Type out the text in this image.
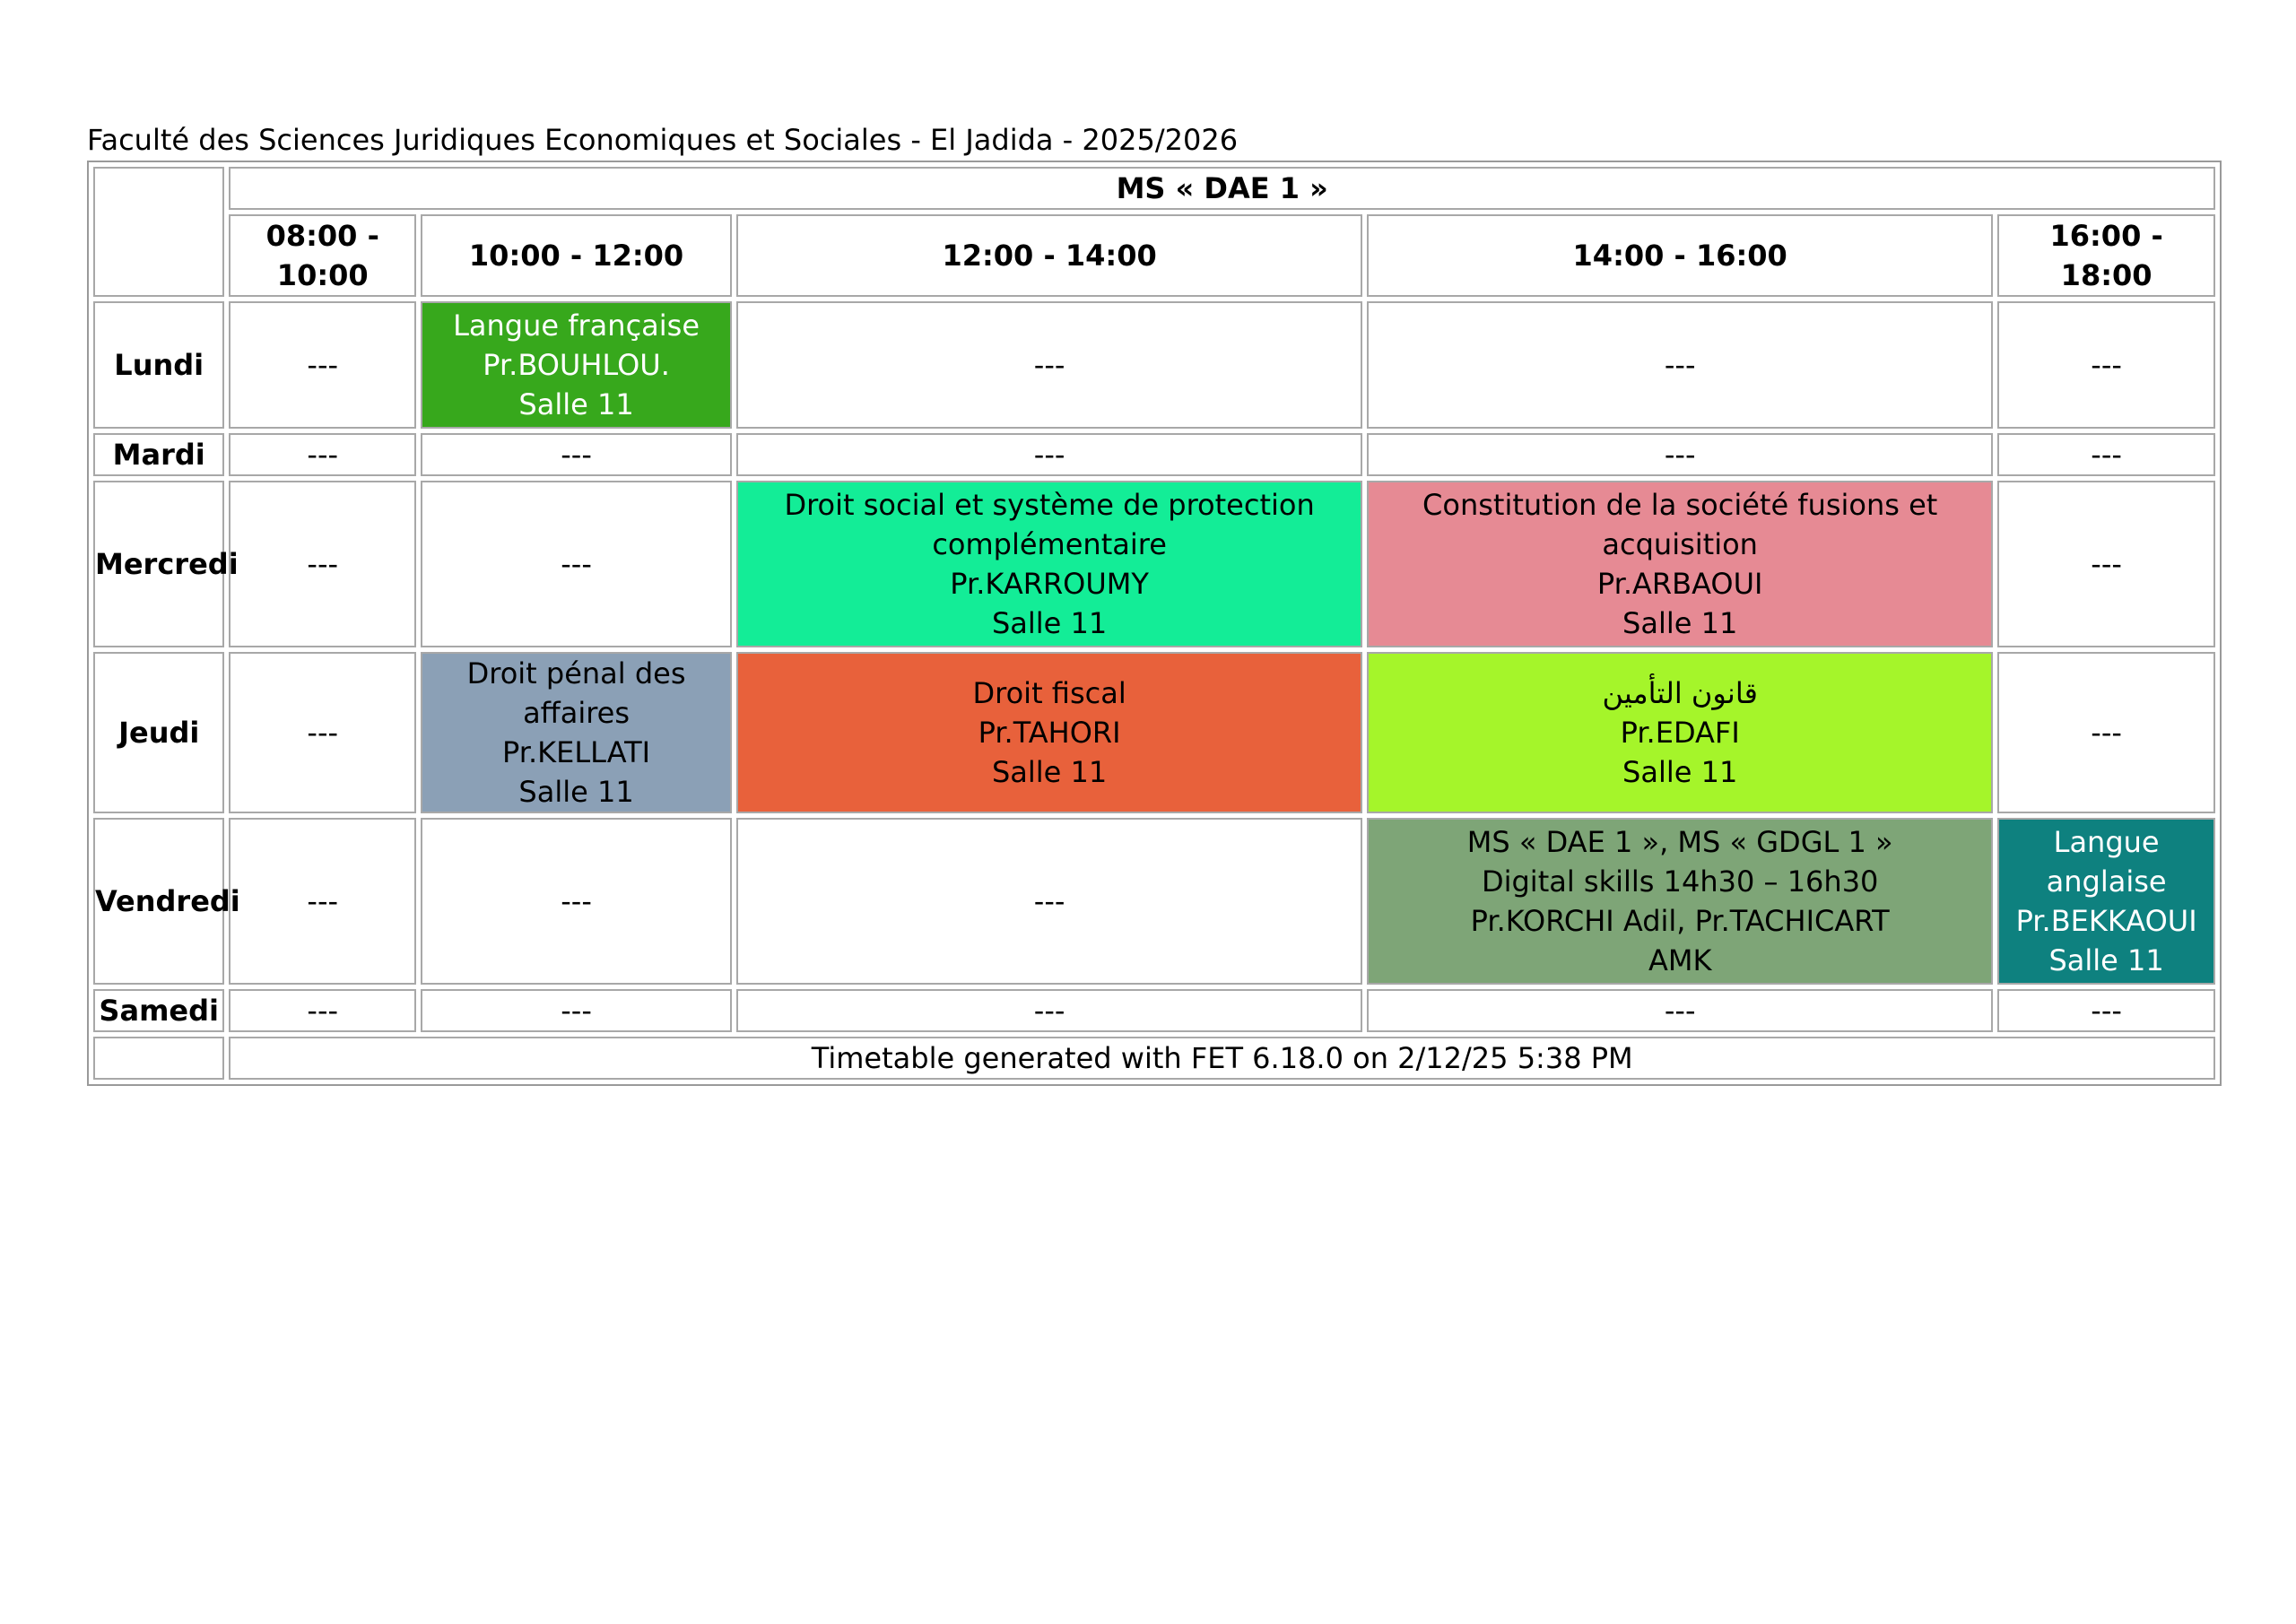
Faculté des Sciences Juridiques Economiques et Sociales - El Jadida - 2025/2026
	MS « DAE 1 »				
	08:00 - 10:00	10:00 - 12:00	12:00 - 14:00	14:00 - 16:00	16:00 - 18:00
Lundi	---	Langue française
Pr.BOUHLOU.
Salle 11	---	---	---
Mardi	---	---	---	---	---
Mercredi	---	---	Droit social et système de protection
complémentaire
Pr.KARROUMY
Salle 11	Constitution de la société fusions et
acquisition
Pr.ARBAOUI
Salle 11	---
Jeudi	---	Droit pénal des affaires
Pr.KELLATI
Salle 11	Droit fiscal
Pr.TAHORI
Salle 11	قانون التأمين
Pr.EDAFI
Salle 11	---
Vendredi	---	---	---	MS « DAE 1 », MS « GDGL 1 »
Digital skills 14h30 – 16h30
Pr.KORCHI Adil, Pr.TACHICART
AMK	Langue anglaise
Pr.BEKKAOUI
Salle 11

Samedi	---	---	---	---	---
	Timetable generated with FET 6.18.0 on 2/12/25 5:38 PM				
